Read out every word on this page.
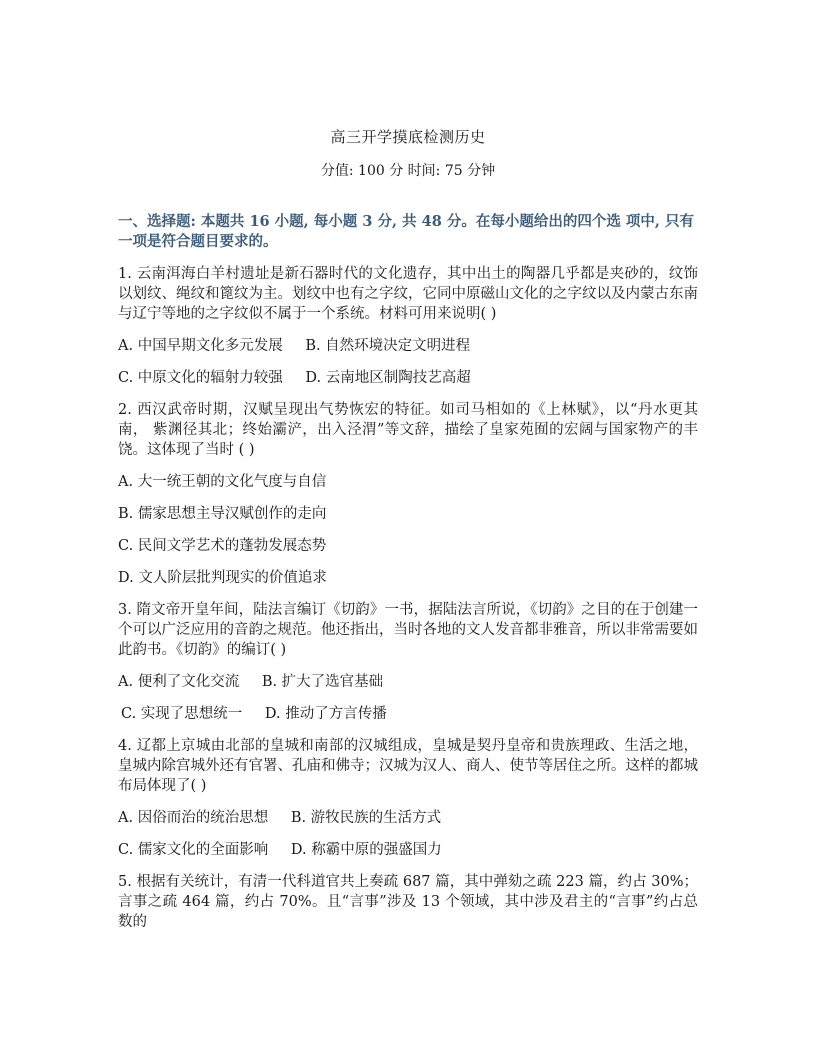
高三开学摸底检测历史
分值: 100 分 时间: 75 分钟
一、选择题: 本题共 16 小题, 每小题 3 分, 共 48 分。在每小题给出的四个选 项中, 只有一项是符合题目要求的。
1. 云南洱海白羊村遗址是新石器时代的文化遗存，其中出土的陶器几乎都是夹砂的，纹饰以划纹、绳纹和篦纹为主。划纹中也有之字纹，它同中原磁山文化的之字纹以及内蒙古东南与辽宁等地的之字纹似不属于一个系统。材料可用来说明( )
A. 中国早期文化多元发展 B. 自然环境决定文明进程
C. 中原文化的辐射力较强 D. 云南地区制陶技艺高超
2. 西汉武帝时期，汉赋呈现出气势恢宏的特征。如司马相如的《上林赋》，以“丹水更其南， 紫渊径其北；终始灞浐，出入泾渭”等文辞，描绘了皇家苑囿的宏阔与国家物产的丰饶。这体现了当时 ( )
A. 大一统王朝的文化气度与自信
B. 儒家思想主导汉赋创作的走向
C. 民间文学艺术的蓬勃发展态势
D. 文人阶层批判现实的价值追求
3. 隋文帝开皇年间，陆法言编订《切韵》一书，据陆法言所说，《切韵》之目的在于创建一个可以广泛应用的音韵之规范。他还指出，当时各地的文人发音都非雅音，所以非常需要如此韵书。《切韵》的编订( )
A. 便利了文化交流 B. 扩大了选官基础
C. 实现了思想统一 D. 推动了方言传播
4. 辽都上京城由北部的皇城和南部的汉城组成，皇城是契丹皇帝和贵族理政、生活之地， 皇城内除宫城外还有官署、孔庙和佛寺；汉城为汉人、商人、使节等居住之所。这样的都城布局体现了( )
A. 因俗而治的统治思想 B. 游牧民族的生活方式
C. 儒家文化的全面影响 D. 称霸中原的强盛国力
5. 根据有关统计，有清一代科道官共上奏疏 687 篇，其中弹劾之疏 223 篇，约占 30%；言事之疏 464 篇，约占 70%。且“言事”涉及 13 个领域，其中涉及君主的“言事”约占总数的
